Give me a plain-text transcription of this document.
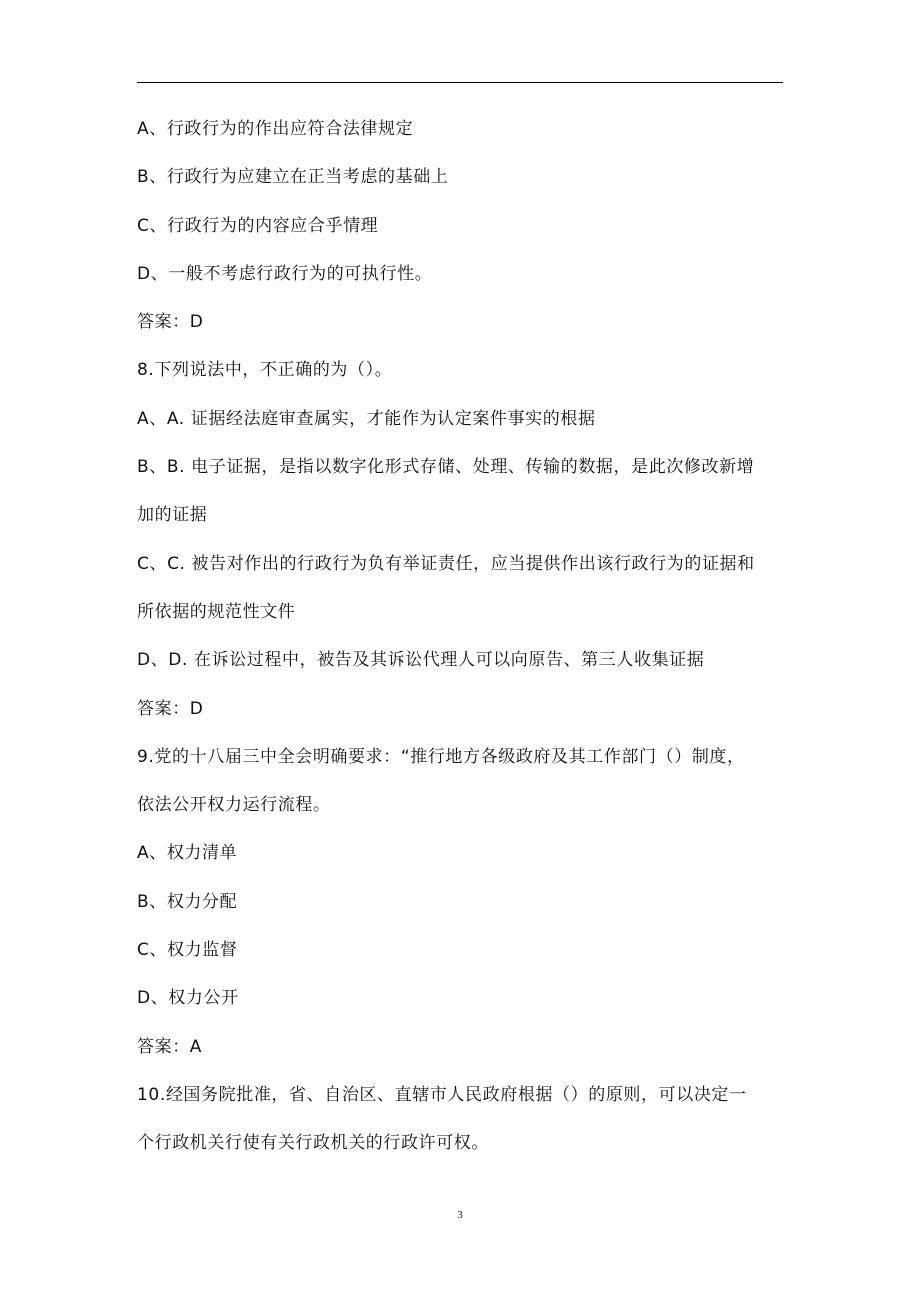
A、行政行为的作出应符合法律规定
B、行政行为应建立在正当考虑的基础上
C、行政行为的内容应合乎情理
D、一般不考虑行政行为的可执行性。
答案：D
8.下列说法中，不正确的为（）。
A、A. 证据经法庭审查属实，才能作为认定案件事实的根据
B、B. 电子证据，是指以数字化形式存储、处理、传输的数据，是此次修改新增
加的证据
C、C. 被告对作出的行政行为负有举证责任，应当提供作出该行政行为的证据和
所依据的规范性文件
D、D. 在诉讼过程中，被告及其诉讼代理人可以向原告、第三人收集证据
答案：D
9.党的十八届三中全会明确要求：“推行地方各级政府及其工作部门（）制度，
依法公开权力运行流程。
A、权力清单
B、权力分配
C、权力监督
D、权力公开
答案：A
10.经国务院批准，省、自治区、直辖市人民政府根据（）的原则，可以决定一
个行政机关行使有关行政机关的行政许可权。
3
